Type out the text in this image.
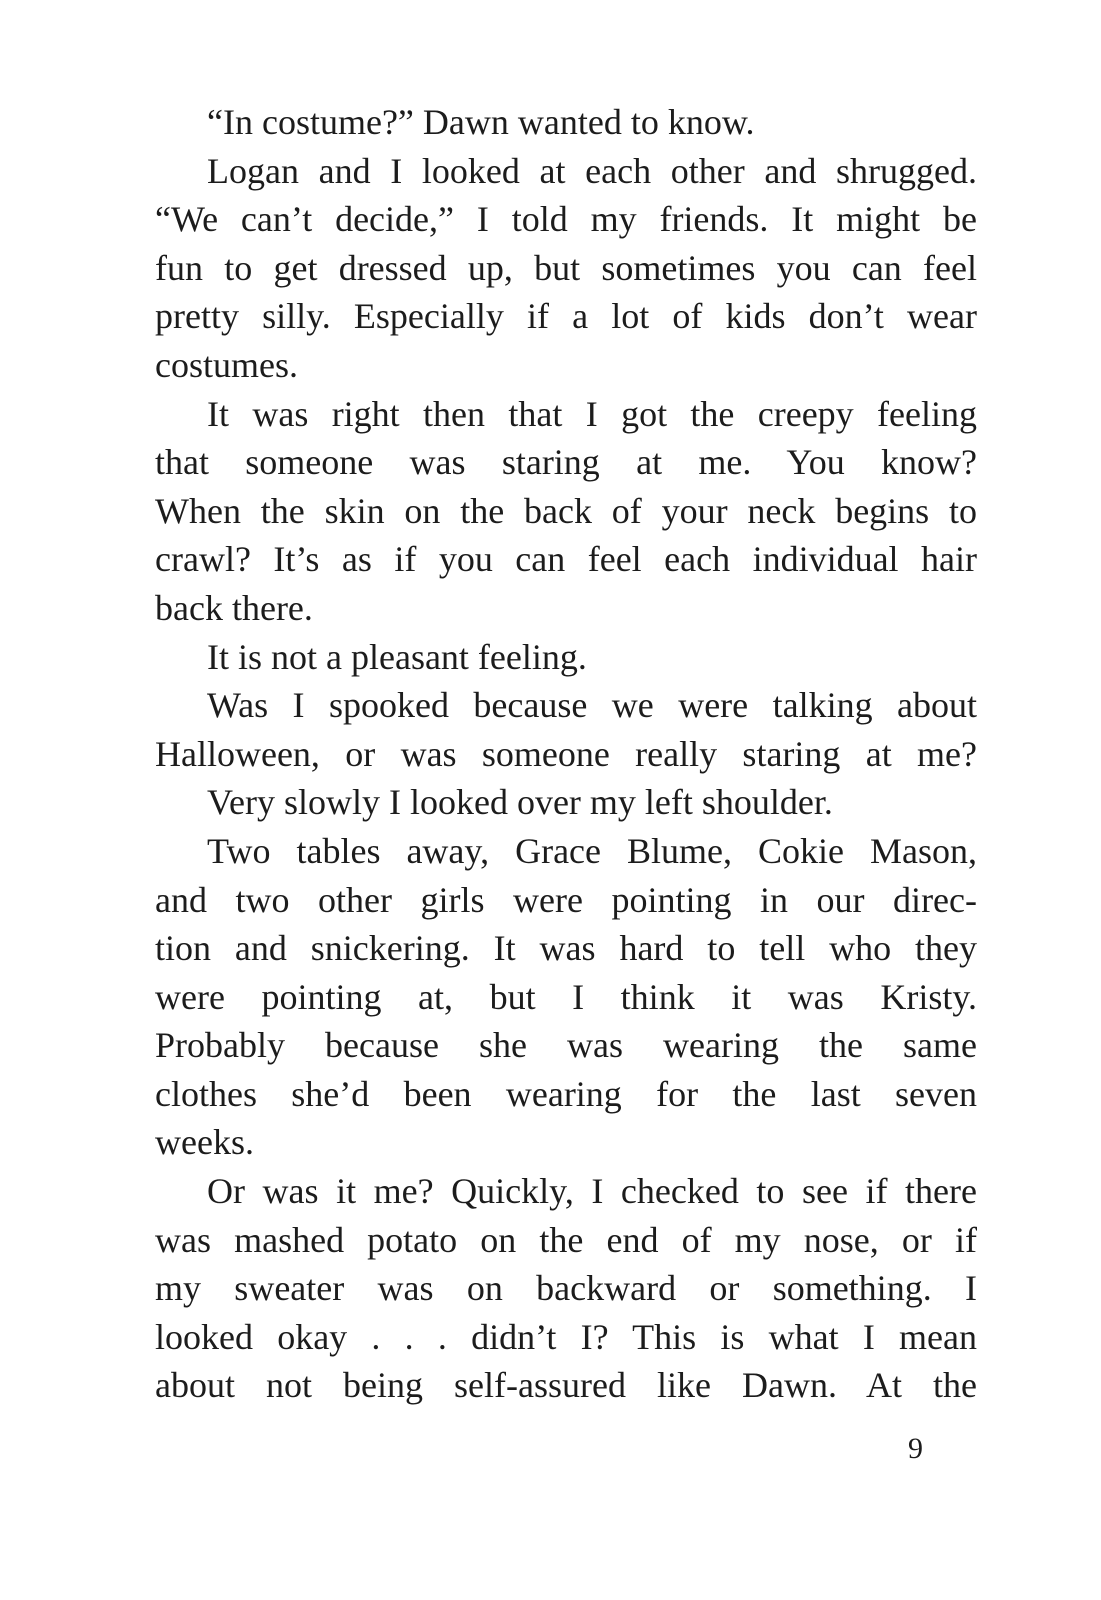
“In costume?” Dawn wanted to know.
Logan and I looked at each other and shrugged.
“We can’t decide,” I told my friends. It might be
fun to get dressed up, but sometimes you can feel
pretty silly. Especially if a lot of kids don’t wear
costumes.
It was right then that I got the creepy feeling
that someone was staring at me. You know?
When the skin on the back of your neck begins to
crawl? It’s as if you can feel each individual hair
back there.
It is not a pleasant feeling.
Was I spooked because we were talking about
Halloween, or was someone really staring at me?
Very slowly I looked over my left shoulder.
Two tables away, Grace Blume, Cokie Mason,
and two other girls were pointing in our direc-
tion and snickering. It was hard to tell who they
were pointing at, but I think it was Kristy.
Probably because she was wearing the same
clothes she’d been wearing for the last seven
weeks.
Or was it me? Quickly, I checked to see if there
was mashed potato on the end of my nose, or if
my sweater was on backward or something. I
looked okay . . . didn’t I? This is what I mean
about not being self-assured like Dawn. At the
9
